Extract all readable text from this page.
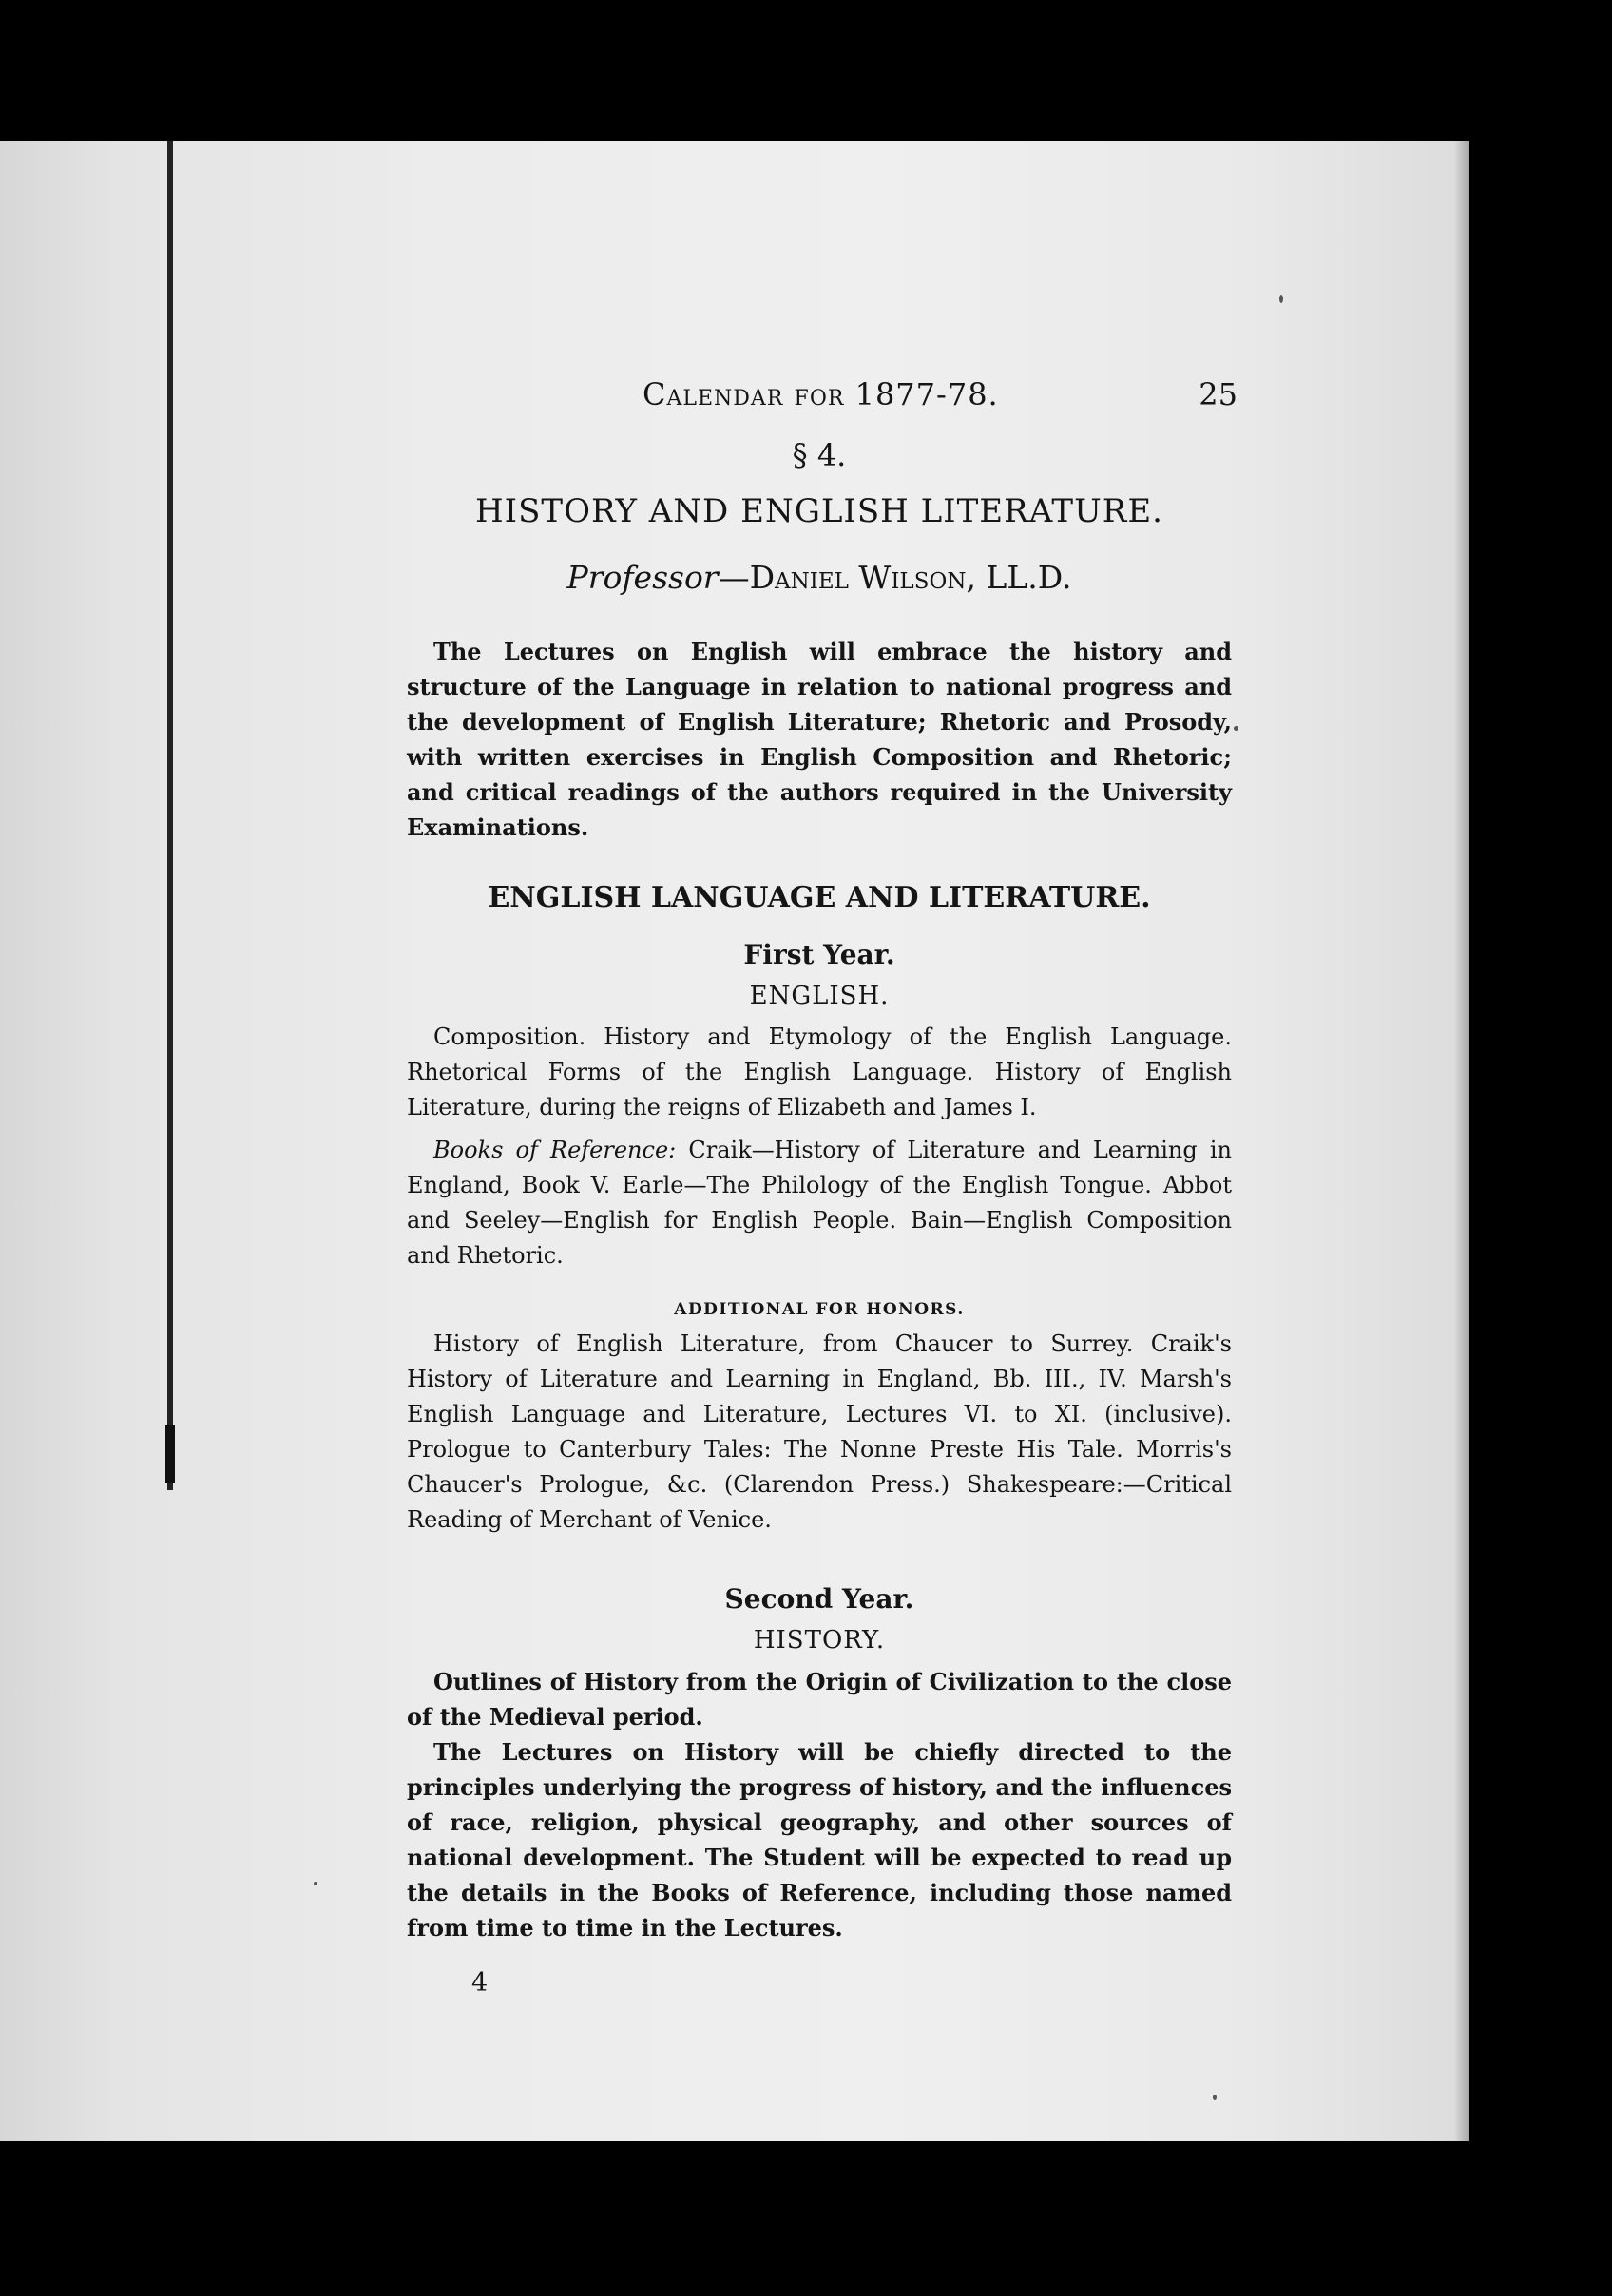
Calendar for 1877-78.	25
§ 4.
HISTORY AND ENGLISH LITERATURE.
Professor—Daniel Wilson, LL.D.

The Lectures on English will embrace the history and structure of the Language in relation to national progress and the development of English Literature; Rhetoric and Prosody, with written exercises in English Composition and Rhetoric; and critical readings of the authors required in the University Examinations.

ENGLISH LANGUAGE AND LITERATURE.
First Year.
ENGLISH.

Composition. History and Etymology of the English Language. Rhetorical Forms of the English Language. History of English Literature, during the reigns of Elizabeth and James I.

Books of Reference: Craik—History of Literature and Learning in England, Book V. Earle—The Philology of the English Tongue. Abbot and Seeley—English for English People. Bain—English Composition and Rhetoric.

ADDITIONAL FOR HONORS.

History of English Literature, from Chaucer to Surrey. Craik's History of Literature and Learning in England, Bb. III., IV. Marsh's English Language and Literature, Lectures VI. to XI. (inclusive). Prologue to Canterbury Tales: The Nonne Preste His Tale. Morris's Chaucer's Prologue, &c. (Clarendon Press.) Shakespeare:—Critical Reading of Merchant of Venice.

Second Year.
HISTORY.

Outlines of History from the Origin of Civilization to the close of the Medieval period.

The Lectures on History will be chiefly directed to the principles underlying the progress of history, and the influences of race, religion, physical geography, and other sources of national development. The Student will be expected to read up the details in the Books of Reference, including those named from time to time in the Lectures.

4
